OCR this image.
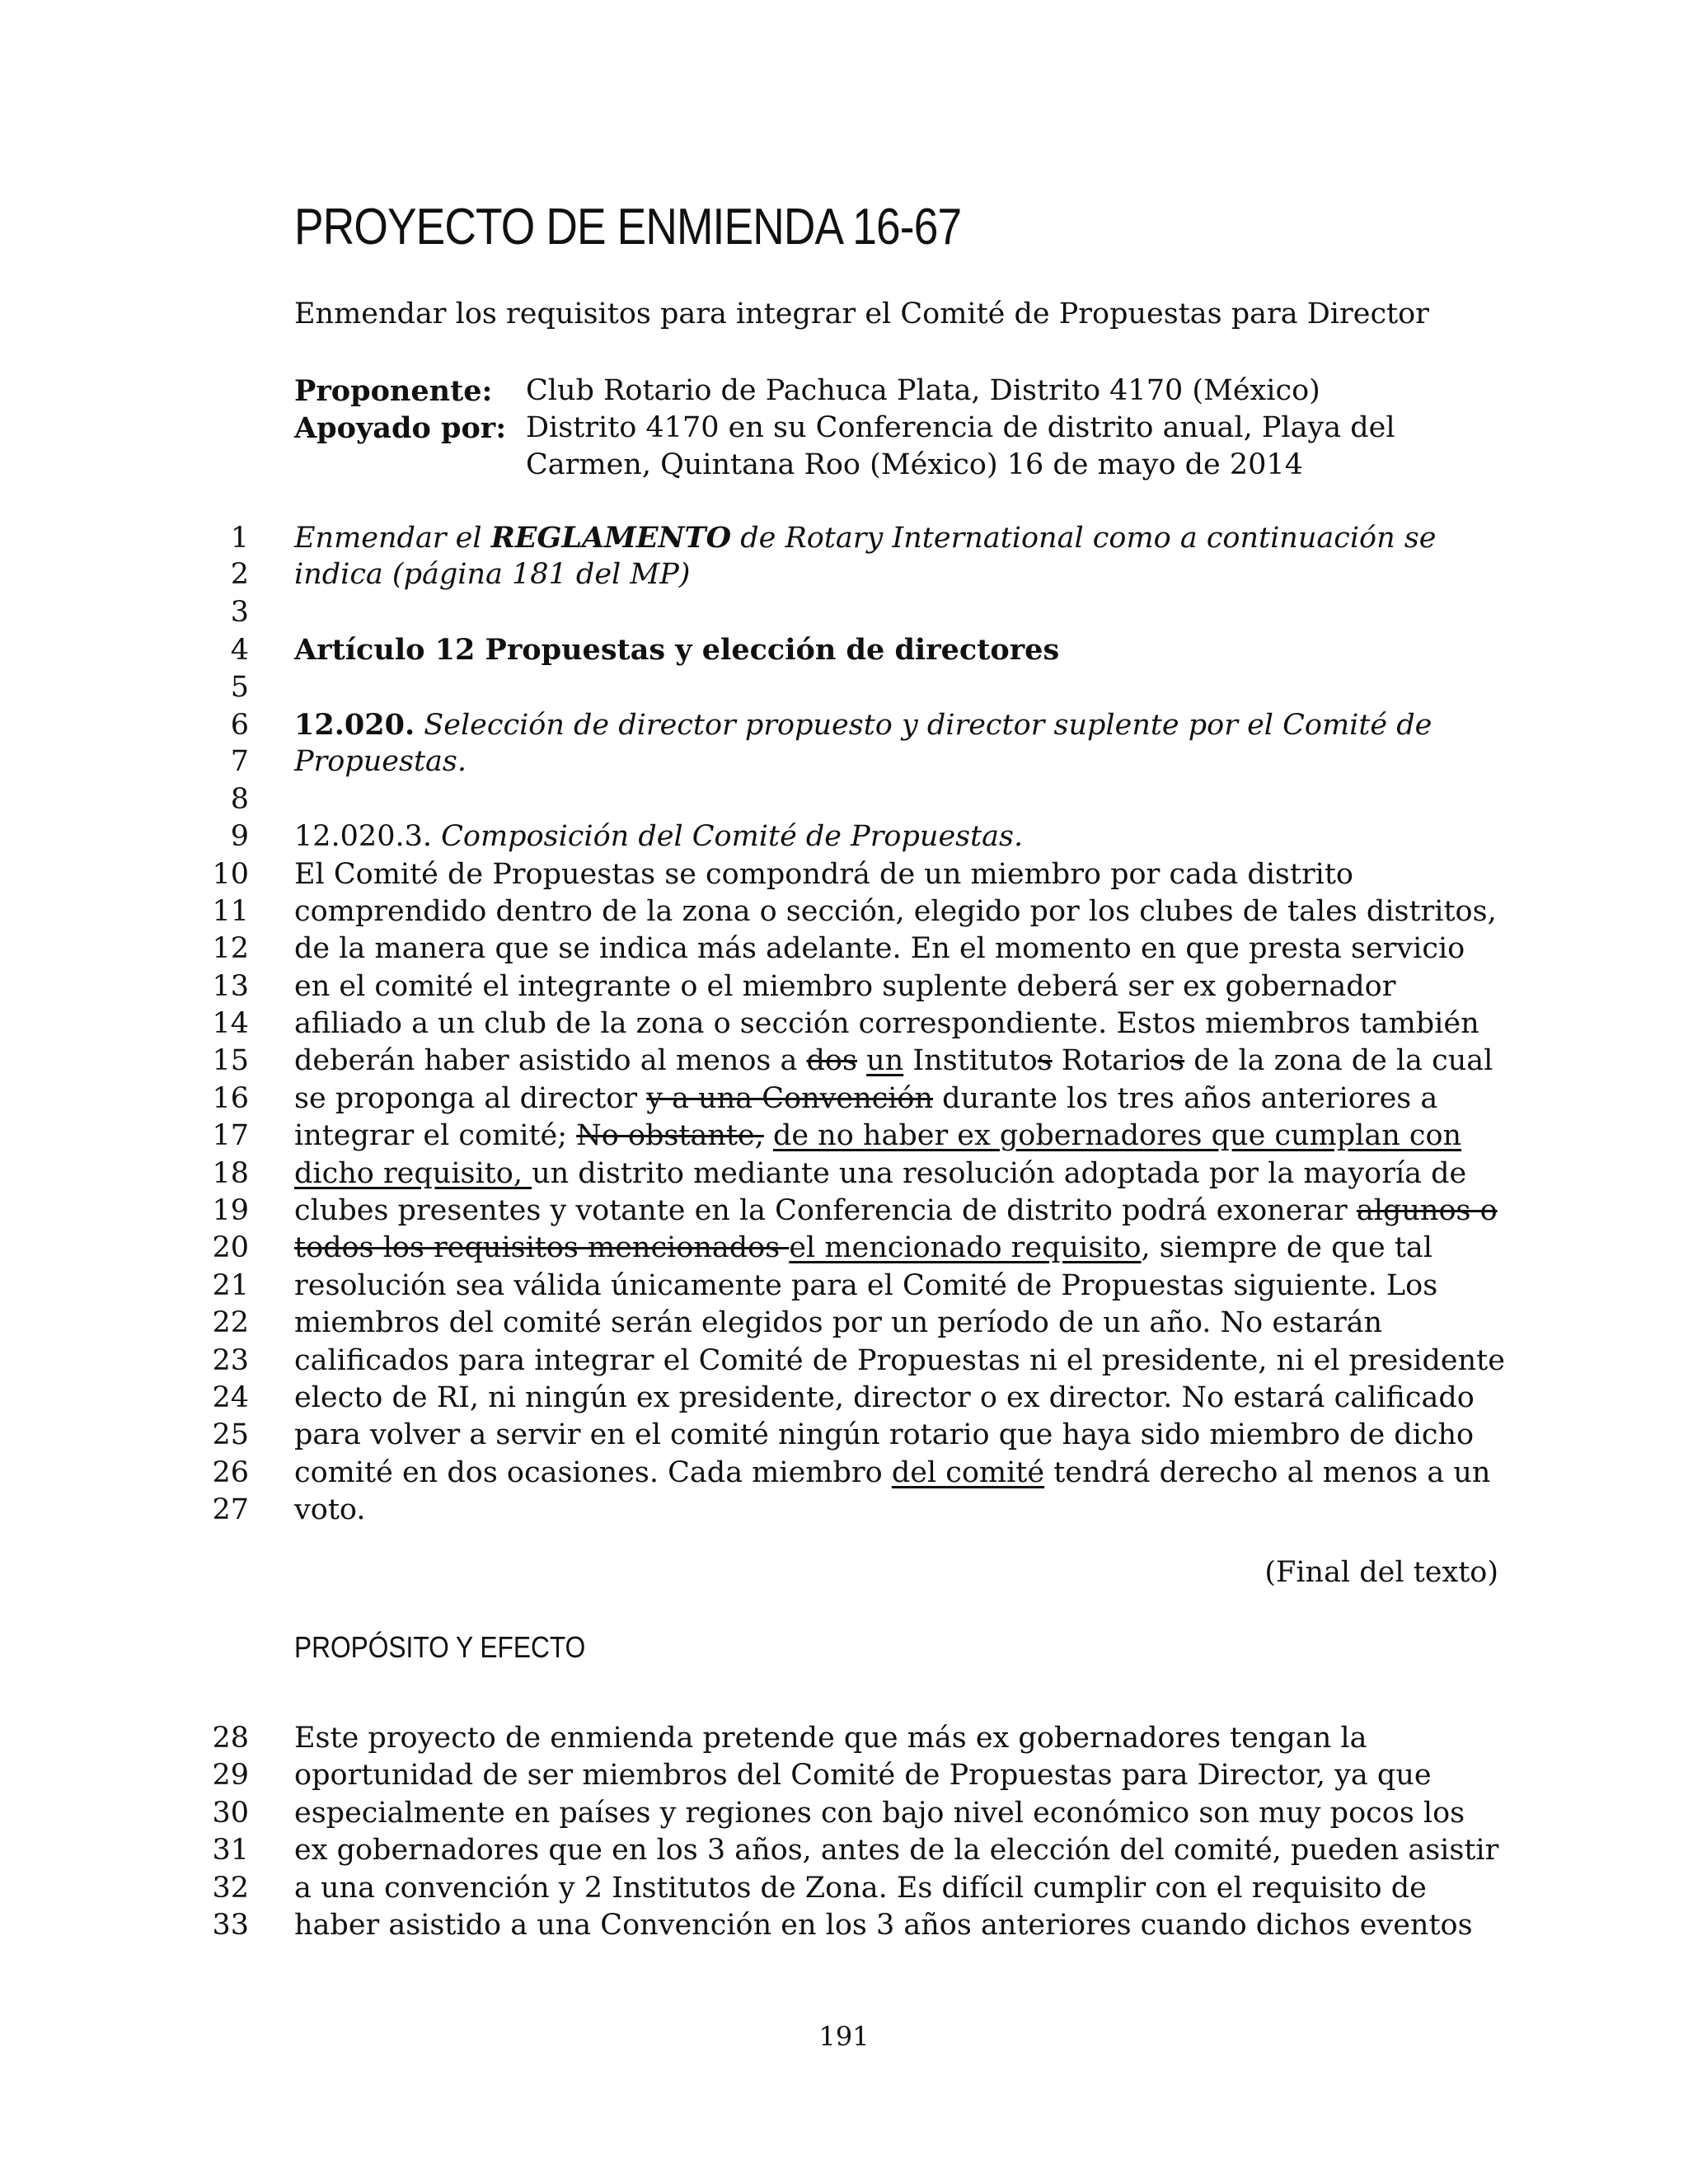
PROYECTO DE ENMIENDA 16-67
Enmendar los requisitos para integrar el Comité de Propuestas para Director
Proponente:	Club Rotario de Pachuca Plata, Distrito 4170 (México)
Apoyado por: Distrito 4170 en su Conferencia de distrito anual, Playa del
Carmen, Quintana Roo (México) 16 de mayo de 2014
1 Enmendar el REGLAMENTO de Rotary International como a continuación se
2 indica (página 181 del MP)
3
4 Artículo 12 Propuestas y elección de directores
5
6 12.020. Selección de director propuesto y director suplente por el Comité de
7 Propuestas.
8
9 12.020.3. Composición del Comité de Propuestas.
10 El Comité de Propuestas se compondrá de un miembro por cada distrito
11 comprendido dentro de la zona o sección, elegido por los clubes de tales distritos,
12 de la manera que se indica más adelante. En el momento en que presta servicio
13 en el comité el integrante o el miembro suplente deberá ser ex gobernador
14 afiliado a un club de la zona o sección correspondiente. Estos miembros también
15 deberán haber asistido al menos a dos un Institutos Rotarios de la zona de la cual
16 se proponga al director y a una Convención durante los tres años anteriores a
17 integrar el comité; No obstante, de no haber ex gobernadores que cumplan con
18 dicho requisito, un distrito mediante una resolución adoptada por la mayoría de
19 clubes presentes y votante en la Conferencia de distrito podrá exonerar algunos o
20 todos los requisitos mencionados el mencionado requisito, siempre de que tal
21 resolución sea válida únicamente para el Comité de Propuestas siguiente. Los
22 miembros del comité serán elegidos por un período de un año. No estarán
23 calificados para integrar el Comité de Propuestas ni el presidente, ni el presidente
24 electo de RI, ni ningún ex presidente, director o ex director. No estará calificado
25 para volver a servir en el comité ningún rotario que haya sido miembro de dicho
26 comité en dos ocasiones. Cada miembro del comité tendrá derecho al menos a un
27 voto.
(Final del texto)
PROPÓSITO Y EFECTO
28 Este proyecto de enmienda pretende que más ex gobernadores tengan la
29 oportunidad de ser miembros del Comité de Propuestas para Director, ya que
30 especialmente en países y regiones con bajo nivel económico son muy pocos los
31 ex gobernadores que en los 3 años, antes de la elección del comité, pueden asistir
32 a una convención y 2 Institutos de Zona. Es difícil cumplir con el requisito de
33 haber asistido a una Convención en los 3 años anteriores cuando dichos eventos
191
